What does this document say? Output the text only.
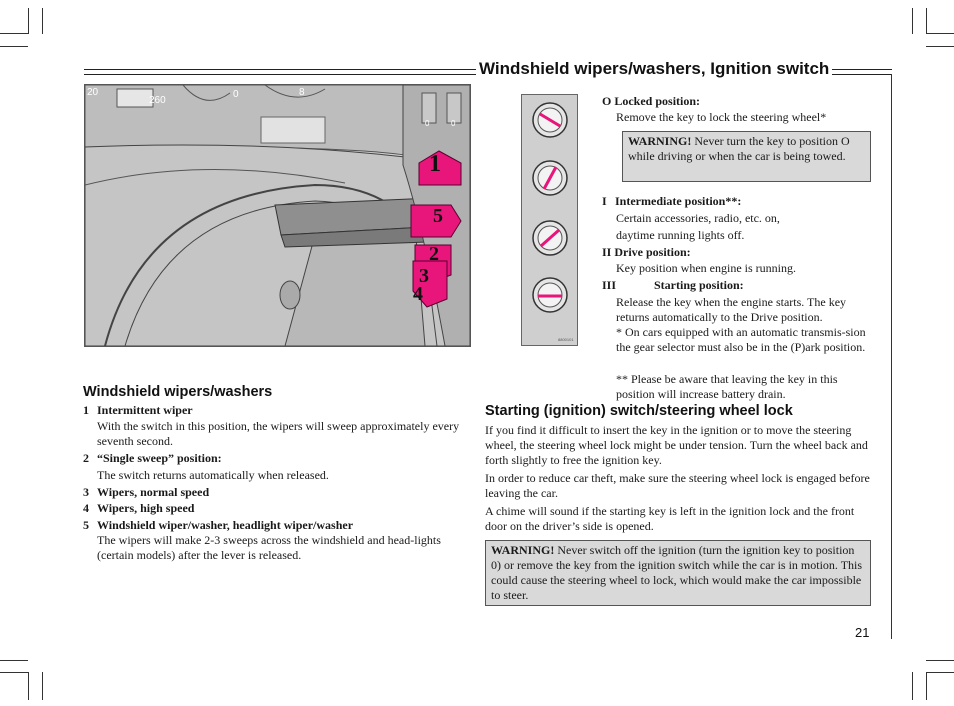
Windshield wipers/washers, Ignition switch
20
260
0	8
0	0
1
5
2
3
4
8800101
O Locked position:
Remove the key to lock the steering wheel*
WARNING! Never turn the key to position O while driving or when the car is being towed.
I Intermediate position**:
Certain accessories, radio, etc. on,
daytime running lights off.
II Drive position:
Key position when engine is running.
III	Starting position:
Release the key when the engine starts. The key returns automatically to the Drive position.
* On cars equipped with an automatic transmis-sion the gear selector must also be in the (P)ark position.
** Please be aware that leaving the key in this position will increase battery drain.
Starting (ignition) switch/steering wheel lock
If you find it difficult to insert the key in the ignition or to move the steering wheel, the steering wheel lock might be under tension. Turn the wheel back and forth slightly to free the ignition key.
In order to reduce car theft, make sure the steering wheel lock is engaged before leaving the car.
A chime will sound if the starting key is left in the ignition lock and the front door on the driver’s side is opened.
WARNING! Never switch off the ignition (turn the ignition key to position 0) or remove the key from the ignition switch while the car is in motion. This could cause the steering wheel to lock, which would make the car impossible to steer.
Windshield wipers/washers
1 Intermittent wiper
With the switch in this position, the wipers will sweep approximately every seventh second.
2 “Single sweep” position:
The switch returns automatically when released.
3 Wipers, normal speed
4 Wipers, high speed
5 Windshield wiper/washer, headlight wiper/washer
The wipers will make 2-3 sweeps across the windshield and head-lights (certain models) after the lever is released.
21
